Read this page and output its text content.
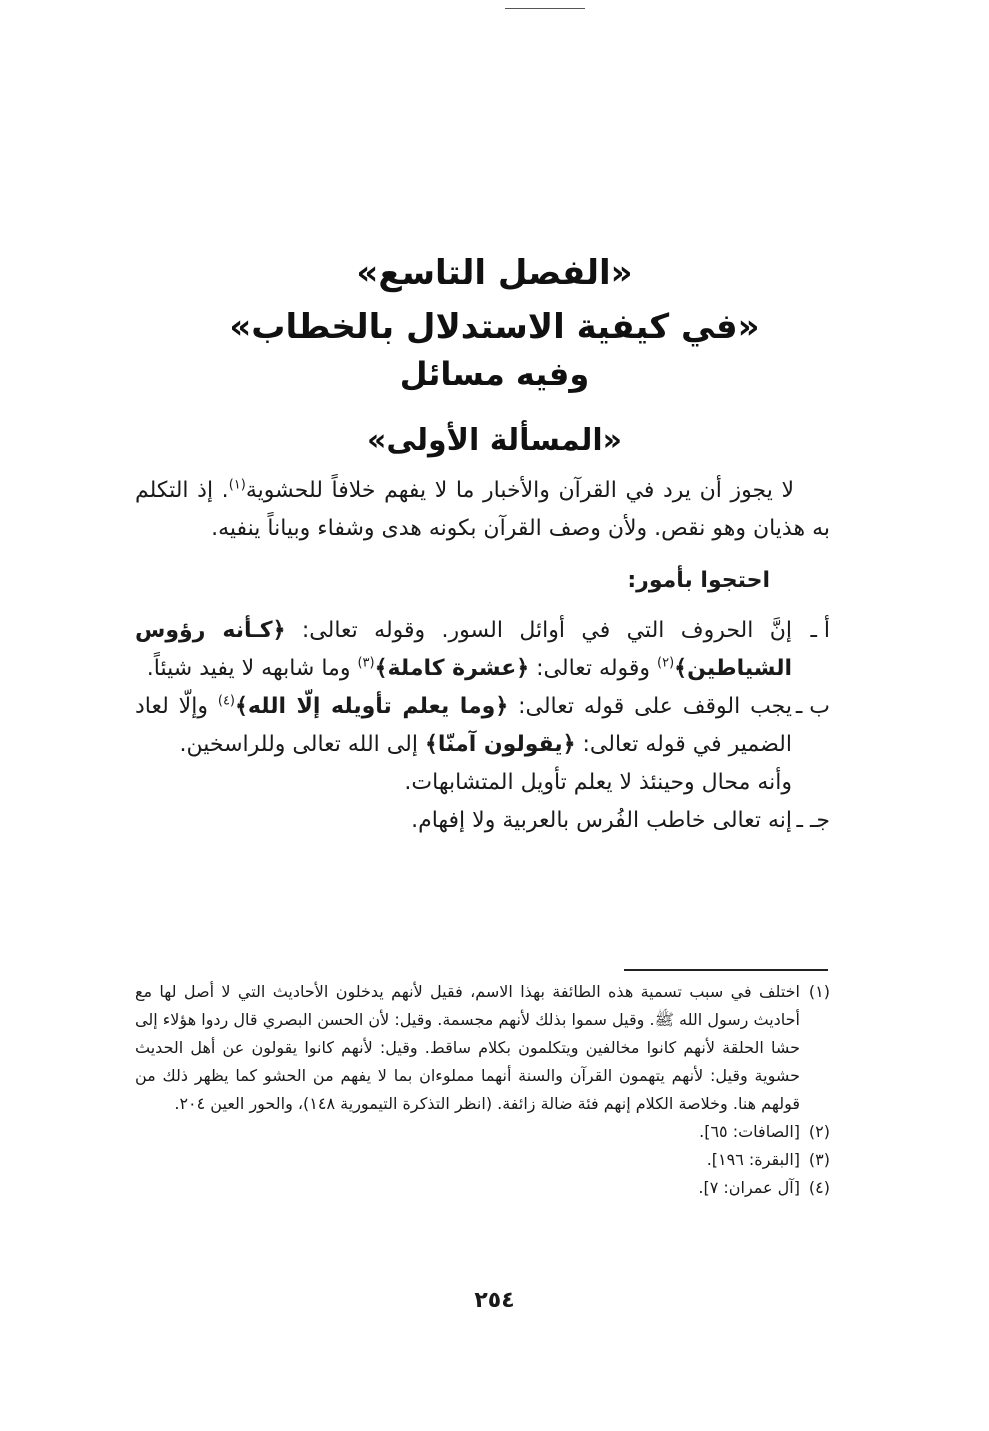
«الفصل التاسع»

«في كيفية الاستدلال بالخطاب»

وفيه مسائل

«المسألة الأولى»

لا يجوز أن يرد في القرآن والأخبار ما لا يفهم خلافاً للحشوية$^{(١)}$. إذ التكلم به هذيان وهو نقص. ولأن وصف القرآن بكونه هدى وشفاء وبياناً ينفيه.

احتجوا بأمور:

أ ـ
إنَّ الحروف التي في أوائل السور. وقوله تعالى: ﴿كـأنه رؤوس الشياطين﴾$^{(٢)}$ وقوله تعالى: ﴿عشرة كاملة﴾$^{(٣)}$ وما شابهه لا يفيد شيئاً.

ب ـ
يجب الوقف على قوله تعالى: ﴿وما يعلم تأويله إلّا الله﴾$^{(٤)}$ وإلّا لعاد الضمير في قوله تعالى: ﴿يقولون آمنّا﴾ إلى الله تعالى وللراسخين.
وأنه محال وحينئذ لا يعلم تأويل المتشابهات.

جـ ـ
إنه تعالى خاطب الفُرس بالعربية ولا إفهام.

(١)
اختلف في سبب تسمية هذه الطائفة بهذا الاسم، فقيل لأنهم يدخلون الأحاديث التي لا أصل لها مع أحاديث رسول الله ﷺ. وقيل سموا بذلك لأنهم مجسمة. وقيل: لأن الحسن البصري قال ردوا هؤلاء إلى حشا الحلقة لأنهم كانوا مخالفين ويتكلمون بكلام ساقط. وقيل: لأنهم كانوا يقولون عن أهل الحديث حشوية وقيل: لأنهم يتهمون القرآن والسنة أنهما مملوءان بما لا يفهم من الحشو كما يظهر ذلك من قولهم هنا. وخلاصة الكلام إنهم فئة ضالة زائفة. (انظر التذكرة التيمورية ١٤٨)، والحور العين ٢٠٤.

(٢)
[الصافات: ٦٥].

(٣)
[البقرة: ١٩٦].

(٤)
[آل عمران: ٧].

٢٥٤
